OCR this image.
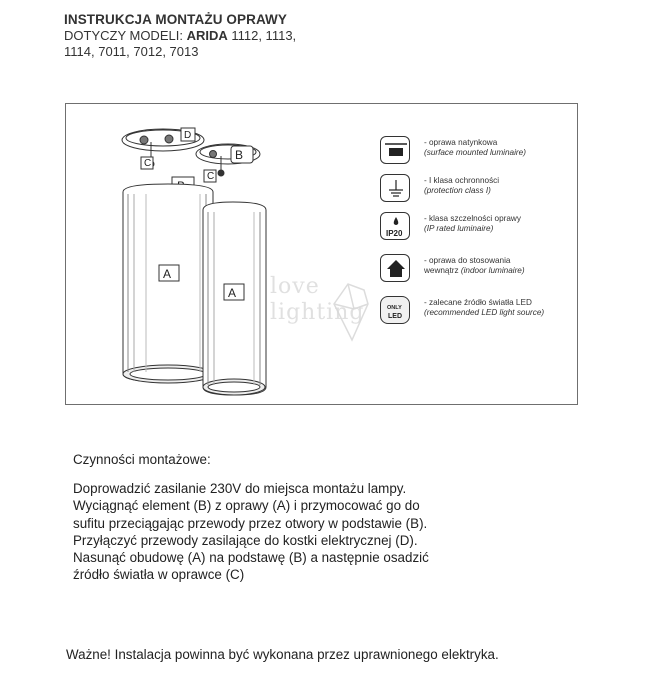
INSTRUKCJA MONTAŻU OPRAWY
DOTYCZY MODELI: ARIDA 1112, 1113,
1114, 7011, 7012, 7013
D
C
B
C
A
A love lighting
- oprawa natynkowa
(surface mounted luminaire)
- I klasa ochronności
(protection class I)
IP20
- klasa szczelności oprawy
(IP rated luminaire)
- oprawa do stosowania
wewnątrz (indoor luminaire)
ONLY
LED
- zalecane źródło światła LED
(recommended LED light source)
Czynności montażowe:
Doprowadzić zasilanie 230V do miejsca montażu lampy.
Wyciągnąć element (B) z oprawy (A) i przymocować go do
sufitu przeciągając przewody przez otwory w podstawie (B).
Przyłączyć przewody zasilające do kostki elektrycznej (D).
Nasunąć obudowę (A) na podstawę (B) a następnie osadzić
źródło światła w oprawce (C)
Ważne! Instalacja powinna być wykonana przez uprawnionego elektryka.
